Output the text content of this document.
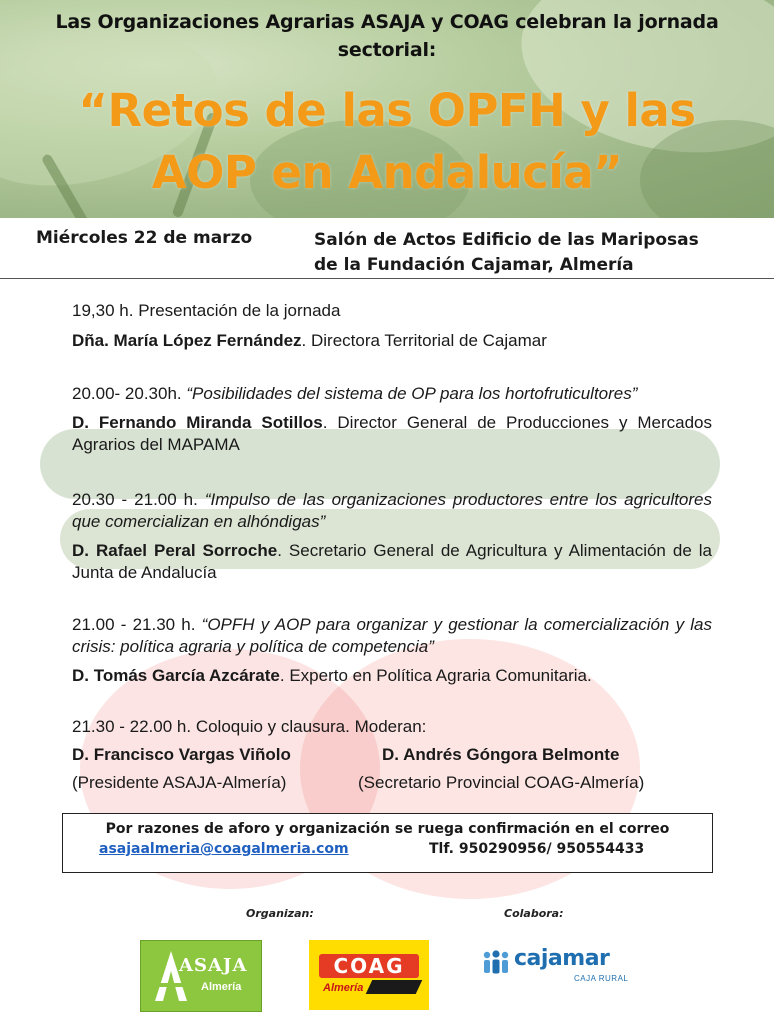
Las Organizaciones Agrarias ASAJA y COAG celebran la jornada sectorial:
“Retos de las OPFH y las
AOP en Andalucía”
Miércoles 22 de marzo	Salón de Actos Edificio de las Mariposas
de la Fundación Cajamar, Almería
19,30 h. Presentación de la jornada
Dña. María López Fernández. Directora Territorial de Cajamar
20.00- 20.30h. “Posibilidades del sistema de OP para los hortofruticultores”
D. Fernando Miranda Sotillos. Director General de Producciones y Mercados Agrarios del MAPAMA
20.30 - 21.00 h. “Impulso de las organizaciones productores entre los agricultores que comercializan en alhóndigas”
D. Rafael Peral Sorroche. Secretario General de Agricultura y Alimentación de la Junta de Andalucía
21.00 - 21.30 h. “OPFH y AOP para organizar y gestionar la comercialización y las crisis: política agraria y política de competencia”
D. Tomás García Azcárate. Experto en Política Agraria Comunitaria.
21.30 - 22.00 h. Coloquio y clausura. Moderan:
D. Francisco Vargas Viñolo
(Presidente ASAJA-Almería)
D. Andrés Góngora Belmonte
(Secretario Provincial COAG-Almería)
Por razones de aforo y organización se ruega confirmación en el correo
asajaalmeria@coagalmeria.com	Tlf. 950290956/ 950554433
Organizan:	Colabora:
ASAJA
Almería
COAG
Almería
cajamar
CAJA RURAL
